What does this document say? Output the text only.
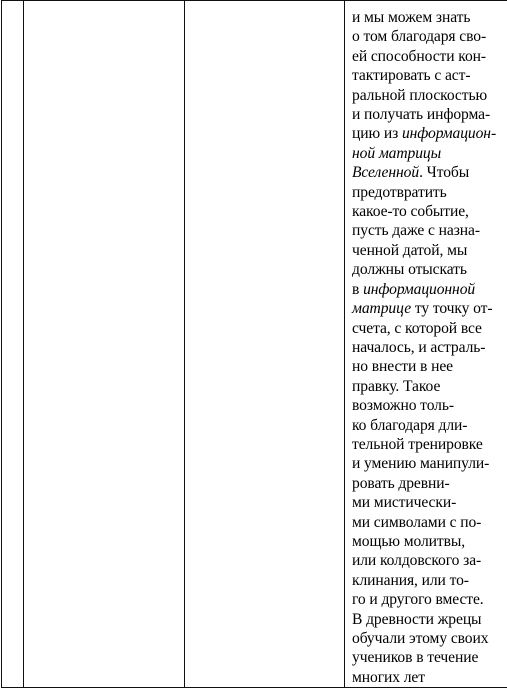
и мы можем знать
о том благодаря сво-
ей способности кон-
тактировать с аст-
ральной плоскостью
и получать информа-
цию из информацион-
ной матрицы
Вселенной. Чтобы
предотвратить
какое-то событие,
пусть даже с назна-
ченной датой, мы
должны отыскать
в информационной
матрице ту точку от-
счета, с которой все
началось, и астраль-
но внести в нее
правку. Такое
возможно толь-
ко благодаря дли-
тельной тренировке
и умению манипули-
ровать древни-
ми мистически-
ми символами с по-
мощью молитвы,
или колдовского за-
клинания, или то-
го и другого вместе.
В древности жрецы
обучали этому своих
учеников в течение
многих лет
